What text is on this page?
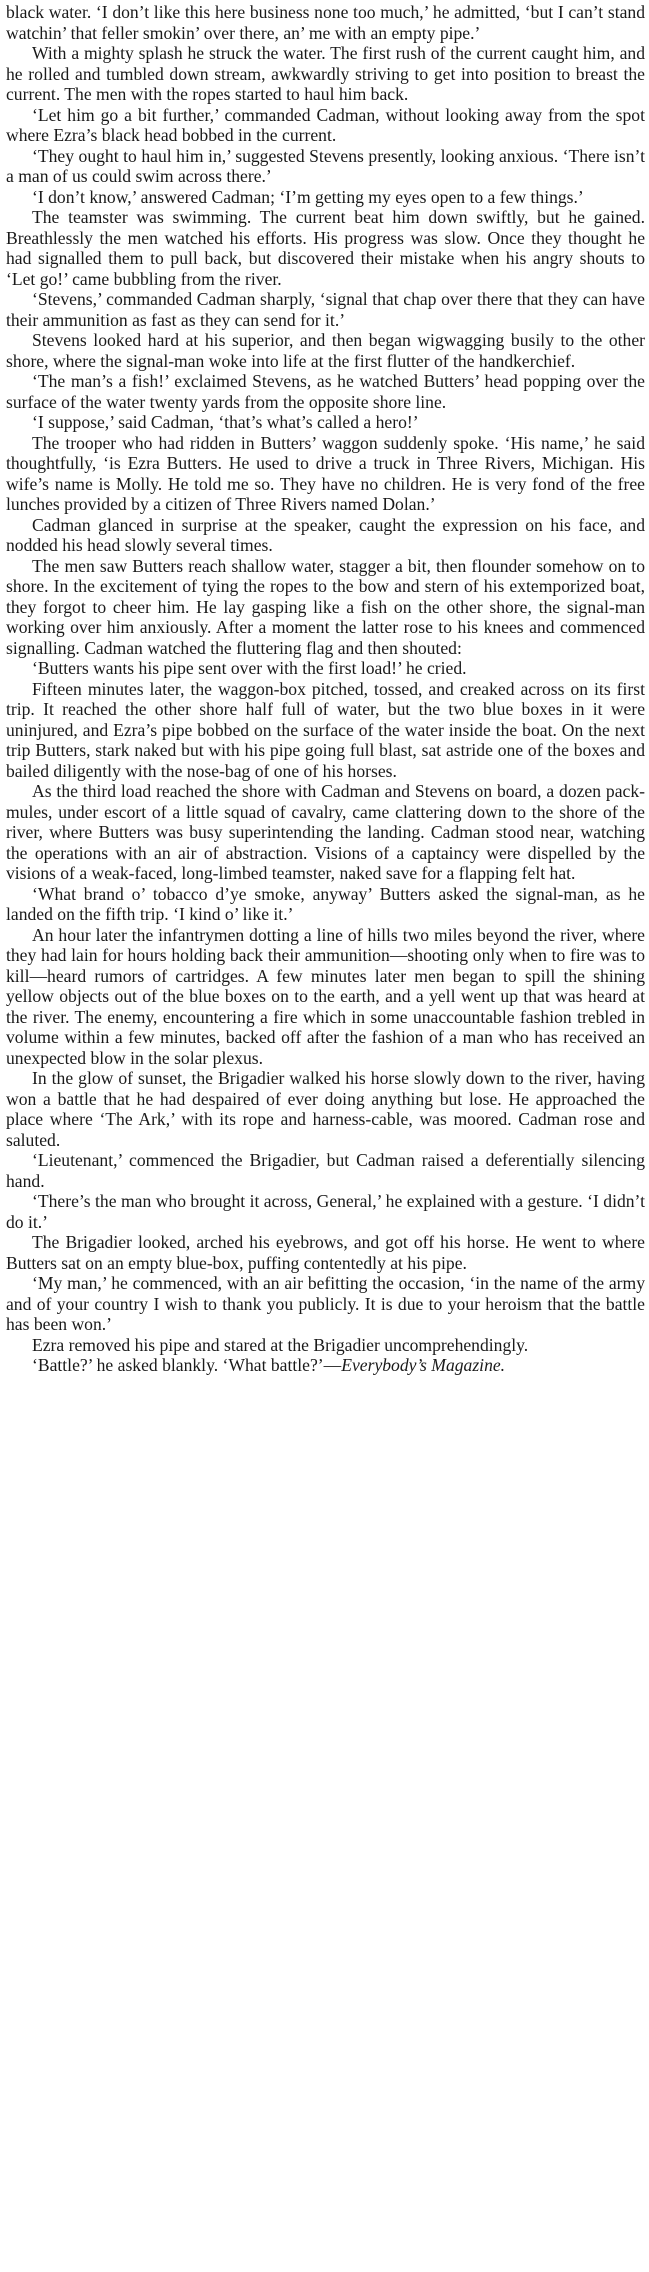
black water. ‘I don’t like this here business none too much,’ he admitted, ‘but I can’t stand watchin’ that feller smokin’ over there, an’ me with an empty pipe.’

With a mighty splash he struck the water. The first rush of the current caught him, and he rolled and tumbled down stream, awkwardly striving to get into position to breast the current. The men with the ropes started to haul him back.

‘Let him go a bit further,’ commanded Cadman, without looking away from the spot where Ezra’s black head bobbed in the current.

‘They ought to haul him in,’ suggested Stevens presently, looking anxious. ‘There isn’t a man of us could swim across there.’

‘I don’t know,’ answered Cadman; ‘I’m getting my eyes open to a few things.’

The teamster was swimming. The current beat him down swiftly, but he gained. Breathlessly the men watched his efforts. His progress was slow. Once they thought he had signalled them to pull back, but discovered their mistake when his angry shouts to ‘Let go!’ came bubbling from the river.

‘Stevens,’ commanded Cadman sharply, ‘signal that chap over there that they can have their ammunition as fast as they can send for it.’

Stevens looked hard at his superior, and then began wigwagging busily to the other shore, where the signal-man woke into life at the first flutter of the handkerchief.

‘The man’s a fish!’ exclaimed Stevens, as he watched Butters’ head popping over the surface of the water twenty yards from the opposite shore line.

‘I suppose,’ said Cadman, ‘that’s what’s called a hero!’

The trooper who had ridden in Butters’ waggon suddenly spoke. ‘His name,’ he said thoughtfully, ‘is Ezra Butters. He used to drive a truck in Three Rivers, Michigan. His wife’s name is Molly. He told me so. They have no children. He is very fond of the free lunches provided by a citizen of Three Rivers named Dolan.’

Cadman glanced in surprise at the speaker, caught the expression on his face, and nodded his head slowly several times.

The men saw Butters reach shallow water, stagger a bit, then flounder somehow on to shore. In the excitement of tying the ropes to the bow and stern of his extemporized boat, they forgot to cheer him. He lay gasping like a fish on the other shore, the signal-man working over him anxiously. After a moment the latter rose to his knees and commenced signalling. Cadman watched the fluttering flag and then shouted:

‘Butters wants his pipe sent over with the first load!’ he cried.

Fifteen minutes later, the waggon-box pitched, tossed, and creaked across on its first trip. It reached the other shore half full of water, but the two blue boxes in it were uninjured, and Ezra’s pipe bobbed on the surface of the water inside the boat. On the next trip Butters, stark naked but with his pipe going full blast, sat astride one of the boxes and bailed diligently with the nose-bag of one of his horses.

As the third load reached the shore with Cadman and Stevens on board, a dozen pack-mules, under escort of a little squad of cavalry, came clattering down to the shore of the river, where Butters was busy superintending the landing. Cadman stood near, watching the operations with an air of abstraction. Visions of a captaincy were dispelled by the visions of a weak-faced, long-limbed teamster, naked save for a flapping felt hat.

‘What brand o’ tobacco d’ye smoke, anyway’ Butters asked the signal-man, as he landed on the fifth trip. ‘I kind o’ like it.’

An hour later the infantrymen dotting a line of hills two miles beyond the river, where they had lain for hours holding back their ammunition—shooting only when to fire was to kill—heard rumors of cartridges. A few minutes later men began to spill the shining yellow objects out of the blue boxes on to the earth, and a yell went up that was heard at the river. The enemy, encountering a fire which in some unaccountable fashion trebled in volume within a few minutes, backed off after the fashion of a man who has received an unexpected blow in the solar plexus.

In the glow of sunset, the Brigadier walked his horse slowly down to the river, having won a battle that he had despaired of ever doing anything but lose. He approached the place where ‘The Ark,’ with its rope and harness-cable, was moored. Cadman rose and saluted.

‘Lieutenant,’ commenced the Brigadier, but Cadman raised a deferentially silencing hand.

‘There’s the man who brought it across, General,’ he explained with a gesture. ‘I didn’t do it.’

The Brigadier looked, arched his eyebrows, and got off his horse. He went to where Butters sat on an empty blue-box, puffing contentedly at his pipe.

‘My man,’ he commenced, with an air befitting the occasion, ‘in the name of the army and of your country I wish to thank you publicly. It is due to your heroism that the battle has been won.’

Ezra removed his pipe and stared at the Brigadier uncomprehendingly.

‘Battle?’ he asked blankly. ‘What battle?’—Everybody’s Magazine.
